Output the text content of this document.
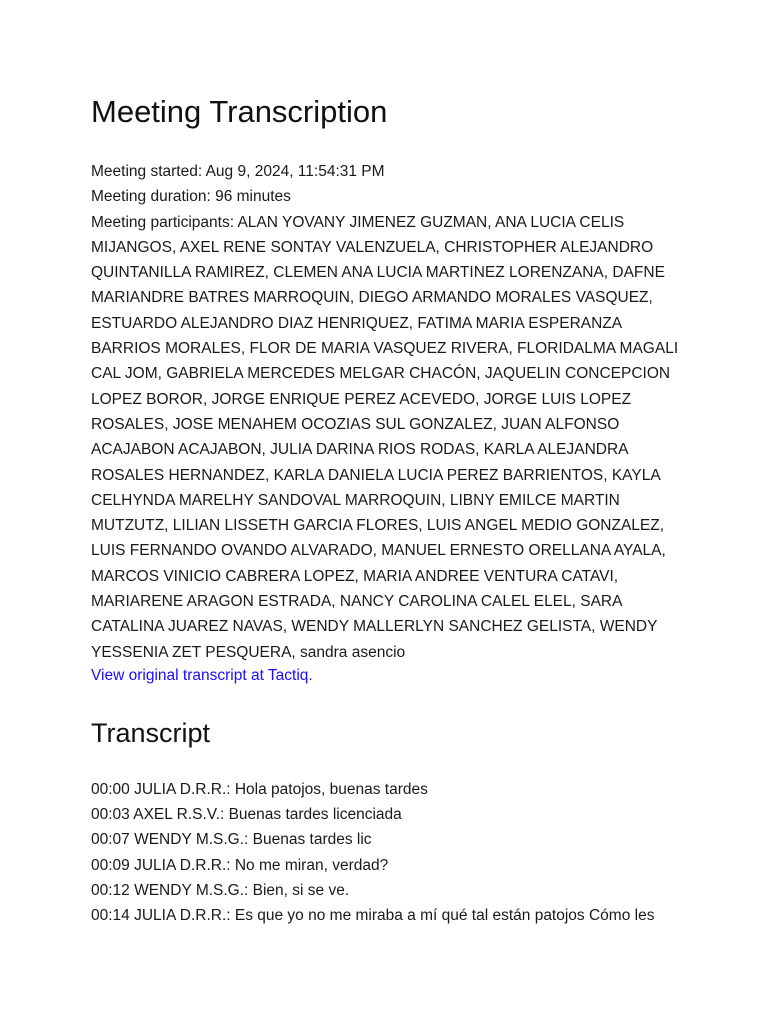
Meeting Transcription
Meeting started: Aug 9, 2024, 11:54:31 PM
Meeting duration: 96 minutes
Meeting participants: ALAN YOVANY JIMENEZ GUZMAN, ANA LUCIA CELIS MIJANGOS, AXEL RENE SONTAY VALENZUELA, CHRISTOPHER ALEJANDRO QUINTANILLA RAMIREZ, CLEMEN ANA LUCIA MARTINEZ LORENZANA, DAFNE MARIANDRE BATRES MARROQUIN, DIEGO ARMANDO MORALES VASQUEZ, ESTUARDO ALEJANDRO DIAZ HENRIQUEZ, FATIMA MARIA ESPERANZA BARRIOS MORALES, FLOR DE MARIA VASQUEZ RIVERA, FLORIDALMA MAGALI CAL JOM, GABRIELA MERCEDES MELGAR CHACÓN, JAQUELIN CONCEPCION LOPEZ BOROR, JORGE ENRIQUE PEREZ ACEVEDO, JORGE LUIS LOPEZ ROSALES, JOSE MENAHEM OCOZIAS SUL GONZALEZ, JUAN ALFONSO ACAJABON ACAJABON, JULIA DARINA RIOS RODAS, KARLA ALEJANDRA ROSALES HERNANDEZ, KARLA DANIELA LUCIA PEREZ BARRIENTOS, KAYLA CELHYNDA MARELHY SANDOVAL MARROQUIN, LIBNY EMILCE MARTIN MUTZUTZ, LILIAN LISSETH GARCIA FLORES, LUIS ANGEL MEDIO GONZALEZ, LUIS FERNANDO OVANDO ALVARADO, MANUEL ERNESTO ORELLANA AYALA, MARCOS VINICIO CABRERA LOPEZ, MARIA ANDREE VENTURA CATAVI, MARIARENE ARAGON ESTRADA, NANCY CAROLINA CALEL ELEL, SARA CATALINA JUAREZ NAVAS, WENDY MALLERLYN SANCHEZ GELISTA, WENDY YESSENIA ZET PESQUERA, sandra asencio
View original transcript at Tactiq.
Transcript
00:00 JULIA D.R.R.: Hola patojos, buenas tardes
00:03 AXEL R.S.V.: Buenas tardes licenciada
00:07 WENDY M.S.G.: Buenas tardes lic
00:09 JULIA D.R.R.: No me miran, verdad?
00:12 WENDY M.S.G.: Bien, si se ve.
00:14 JULIA D.R.R.: Es que yo no me miraba a mí qué tal están patojos Cómo les
